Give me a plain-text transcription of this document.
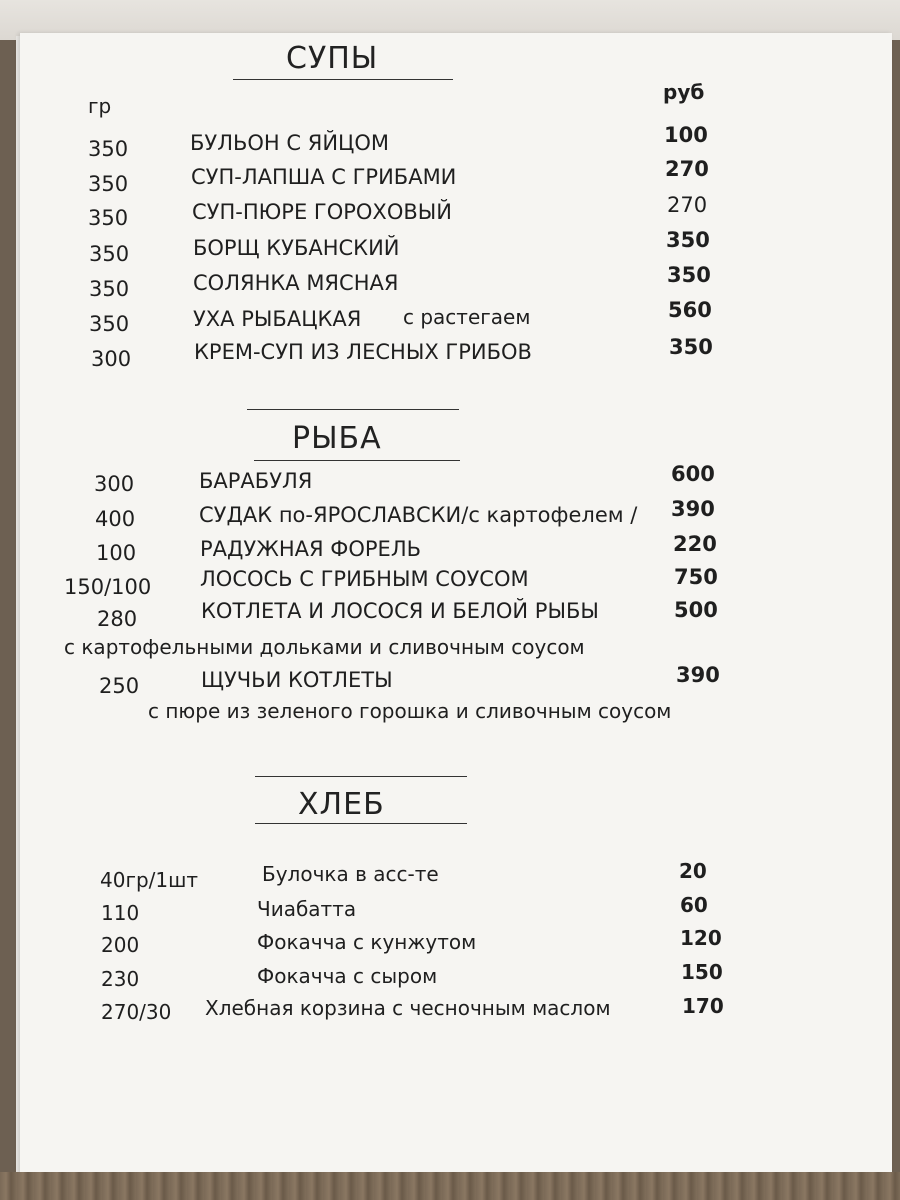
СУПЫ
гр
руб
350	БУЛЬОН С ЯЙЦОМ	100
350	СУП-ЛАПША С ГРИБАМИ	270
350	СУП-ПЮРЕ ГОРОХОВЫЙ	270
350	БОРЩ КУБАНСКИЙ	350
350	СОЛЯНКА МЯСНАЯ	350
350	УХА РЫБАЦКАЯ с растегаем	560
300	КРЕМ-СУП ИЗ ЛЕСНЫХ ГРИБОВ	350
РЫБА
300	БАРАБУЛЯ	600
400	СУДАК по-ЯРОСЛАВСКИ/с картофелем / 390
100	РАДУЖНАЯ ФОРЕЛЬ	220
150/100 ЛОСОСЬ С ГРИБНЫМ СОУСОМ	750
280	КОТЛЕТА И ЛОСОСЯ И БЕЛОЙ РЫБЫ	500
с картофельными дольками и сливочным соусом
250	ЩУЧЬИ КОТЛЕТЫ	390
с пюре из зеленого горошка и сливочным соусом
ХЛЕБ
40гр/1шт	Булочка в асс-те	20
110	Чиабатта	60
200	Фокачча с кунжутом	120
230	Фокачча с сыром	150
270/30 Хлебная корзина с чесночным маслом	170
